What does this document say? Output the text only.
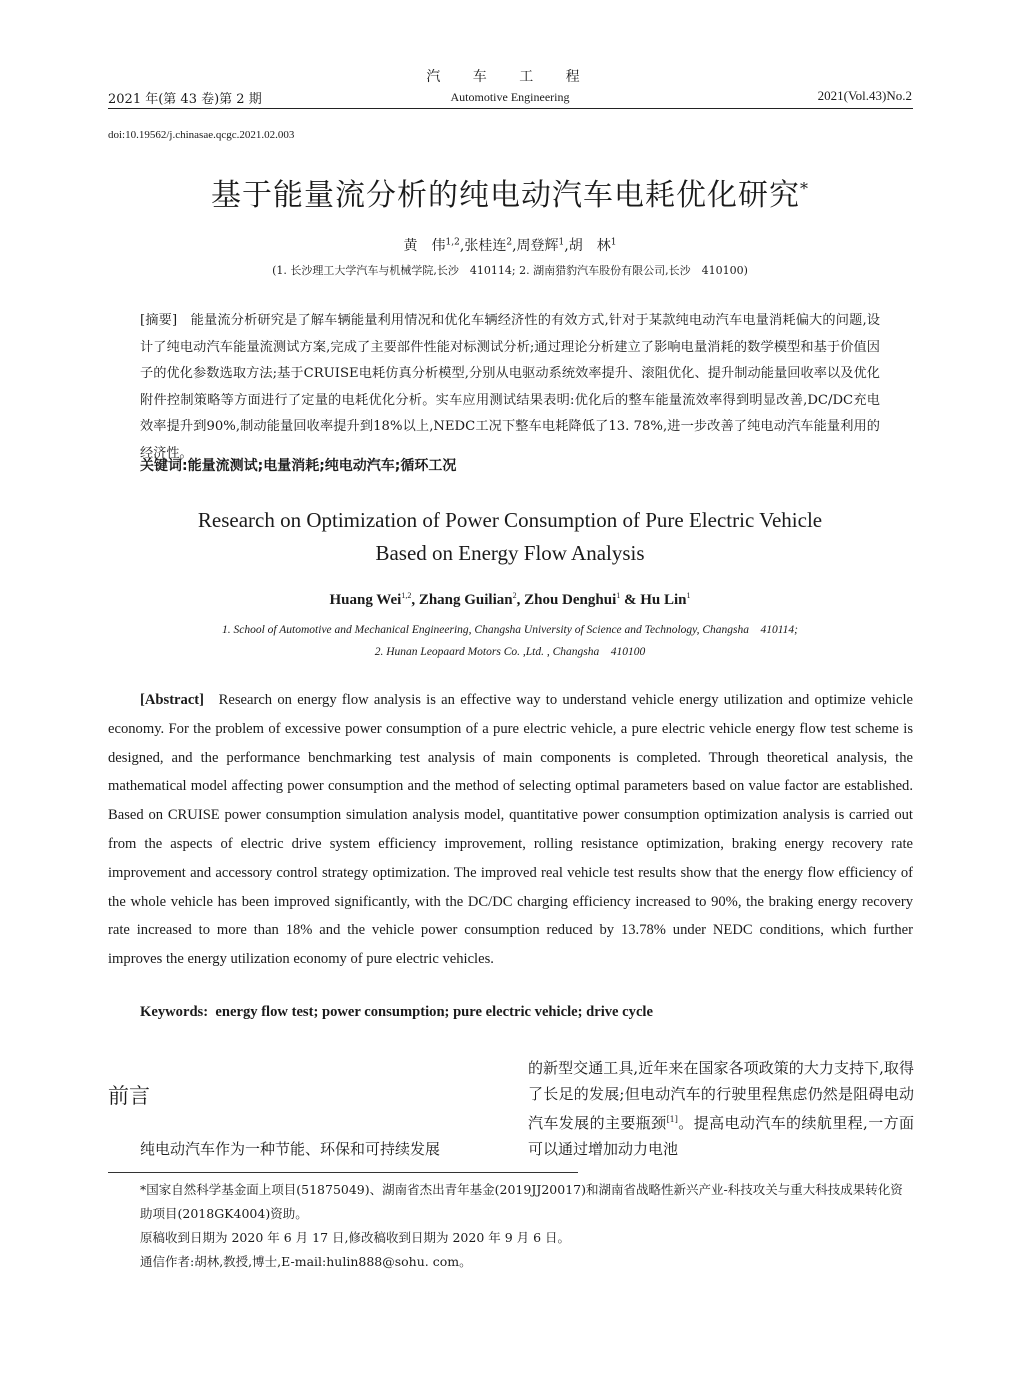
汽 车 工 程
2021 年(第 43 卷)第 2 期	Automotive Engineering	2021(Vol.43)No.2
doi:10.19562/j.chinasae.qcgc.2021.02.003
基于能量流分析的纯电动汽车电耗优化研究*
黄　伟$^{1,2}$,张桂连$^2$,周登辉$^1$,胡　林$^1$
(1. 长沙理工大学汽车与机械学院,长沙　410114; 2. 湖南猎豹汽车股份有限公司,长沙　410100)
[摘要]　 能量流分析研究是了解车辆能量利用情况和优化车辆经济性的有效方式,针对于某款纯电动汽车电量消耗偏大的问题,设计了纯电动汽车能量流测试方案,完成了主要部件性能对标测试分析;通过理论分析建立了影响电量消耗的数学模型和基于价值因子的优化参数选取方法;基于CRUISE电耗仿真分析模型,分别从电驱动系统效率提升、滚阻优化、提升制动能量回收率以及优化附件控制策略等方面进行了定量的电耗优化分析。实车应用测试结果表明:优化后的整车能量流效率得到明显改善,DC/DC充电效率提升到90%,制动能量回收率提升到18%以上,NEDC工况下整车电耗降低了13. 78%,进一步改善了纯电动汽车能量利用的经济性。
关键词:能量流测试;电量消耗;纯电动汽车;循环工况
Research on Optimization of Power Consumption of Pure Electric Vehicle
Based on Energy Flow Analysis
Huang Wei$^{1,2}$, Zhang Guilian$^2$, Zhou Denghui$^1$ & Hu Lin$^1$
1. School of Automotive and Mechanical Engineering, Changsha University of Science and Technology, Changsha　410114;
2. Hunan Leopaard Motors Co. ,Ltd. , Changsha　410100
[Abstract]  Research on energy flow analysis is an effective way to understand vehicle energy utilization and optimize vehicle economy. For the problem of excessive power consumption of a pure electric vehicle, a pure electric vehicle energy flow test scheme is designed, and the performance benchmarking test analysis of main components is completed. Through theoretical analysis, the mathematical model affecting power consumption and the method of selecting optimal parameters based on value factor are established. Based on CRUISE power consumption simulation analysis model, quantitative power consumption optimization analysis is carried out from the aspects of electric drive system efficiency improvement, rolling resistance optimization, braking energy recovery rate improvement and accessory control strategy optimization. The improved real vehicle test results show that the energy flow efficiency of the whole vehicle has been improved significantly, with the DC/DC charging efficiency increased to 90%, the braking energy recovery rate increased to more than 18% and the vehicle power consumption reduced by 13.78% under NEDC conditions, which further improves the energy utilization economy of pure electric vehicles.
Keywords:  energy flow test; power consumption; pure electric vehicle; drive cycle
前言
纯电动汽车作为一种节能、环保和可持续发展
的新型交通工具,近年来在国家各项政策的大力支持下,取得了长足的发展;但电动汽车的行驶里程焦虑仍然是阻碍电动汽车发展的主要瓶颈[1]。提高电动汽车的续航里程,一方面可以通过增加动力电池
*国家自然科学基金面上项目(51875049)、湖南省杰出青年基金(2019JJ20017)和湖南省战略性新兴产业-科技攻关与重大科技成果转化资助项目(2018GK4004)资助。
原稿收到日期为 2020 年 6 月 17 日,修改稿收到日期为 2020 年 9 月 6 日。
通信作者:胡林,教授,博士,E-mail:hulin888@sohu. com。
